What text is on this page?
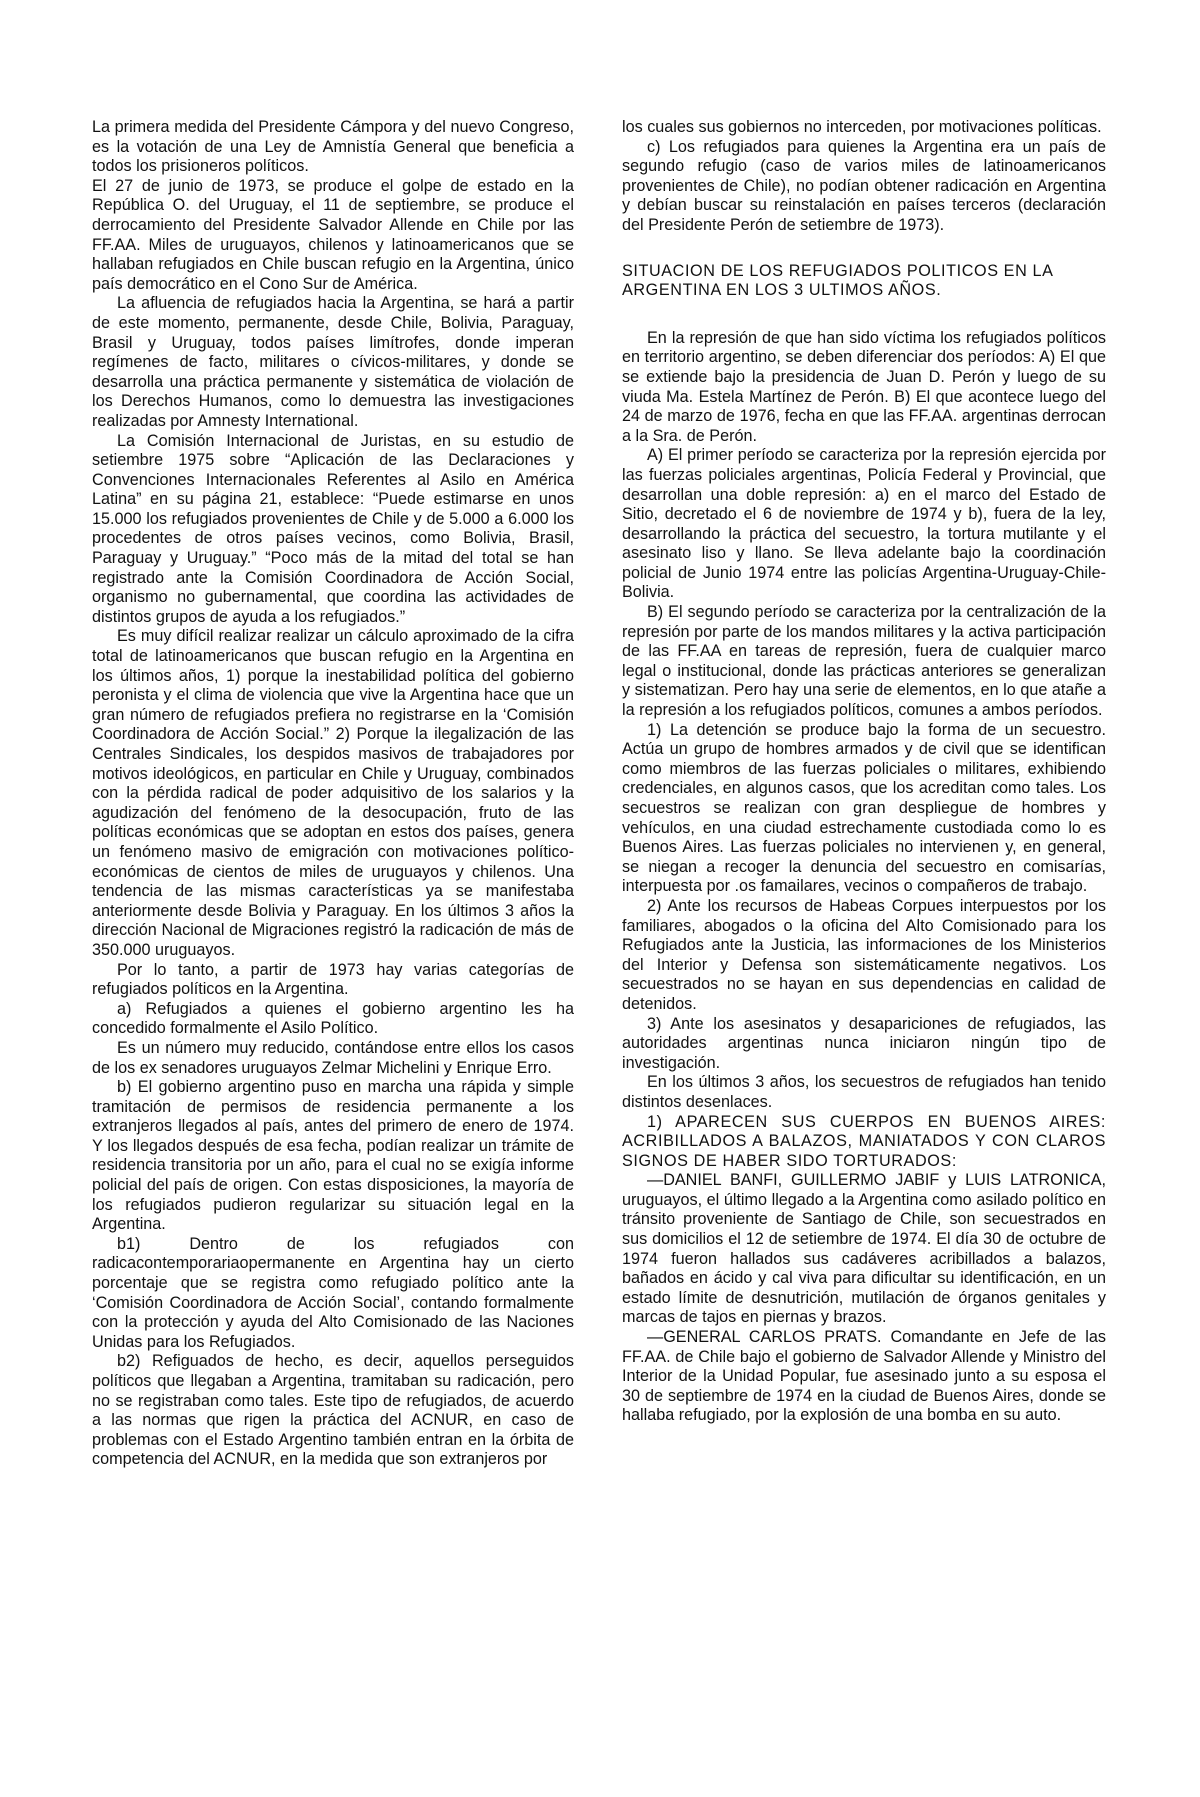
La primera medida del Presidente Cámpora y del nuevo Congreso, es la votación de una Ley de Amnistía General que beneficia a todos los prisioneros políticos.

El 27 de junio de 1973, se produce el golpe de estado en la República O. del Uruguay, el 11 de septiembre, se produce el derrocamiento del Presidente Salvador Allende en Chile por las FF.AA. Miles de uruguayos, chilenos y latinoamericanos que se hallaban refugiados en Chile buscan refugio en la Argentina, único país democrático en el Cono Sur de América.

La afluencia de refugiados hacia la Argentina, se hará a partir de este momento, permanente, desde Chile, Bolivia, Paraguay, Brasil y Uruguay, todos países limítrofes, donde imperan regímenes de facto, militares o cívicos-militares, y donde se desarrolla una práctica permanente y sistemática de violación de los Derechos Humanos, como lo demuestra las investigaciones realizadas por Amnesty International.

La Comisión Internacional de Juristas, en su estudio de setiembre 1975 sobre “Aplicación de las Declaraciones y Convenciones Internacionales Referentes al Asilo en América Latina” en su página 21, establece: “Puede estimarse en unos 15.000 los refugiados provenientes de Chile y de 5.000 a 6.000 los procedentes de otros países vecinos, como Bolivia, Brasil, Paraguay y Uruguay.” “Poco más de la mitad del total se han registrado ante la Comisión Coordinadora de Acción Social, organismo no gubernamental, que coordina las actividades de distintos grupos de ayuda a los refugiados.”

Es muy difícil realizar realizar un cálculo aproximado de la cifra total de latinoamericanos que buscan refugio en la Argentina en los últimos años, 1) porque la inestabilidad política del gobierno peronista y el clima de violencia que vive la Argentina hace que un gran número de refugiados prefiera no registrarse en la ‘Comisión Coordinadora de Acción Social.” 2) Porque la ilegalización de las Centrales Sindicales, los despidos masivos de trabajadores por motivos ideológicos, en particular en Chile y Uruguay, combinados con la pérdida radical de poder adquisitivo de los salarios y la agudización del fenómeno de la desocupación, fruto de las políticas económicas que se adoptan en estos dos países, genera un fenómeno masivo de emigración con motivaciones político-económicas de cientos de miles de uruguayos y chilenos. Una tendencia de las mismas características ya se manifestaba anteriormente desde Bolivia y Paraguay. En los últimos 3 años la dirección Nacional de Migraciones registró la radicación de más de 350.000 uruguayos.

Por lo tanto, a partir de 1973 hay varias categorías de refugiados políticos en la Argentina.

a) Refugiados a quienes el gobierno argentino les ha concedido formalmente el Asilo Político.

Es un número muy reducido, contándose entre ellos los casos de los ex senadores uruguayos Zelmar Michelini y Enrique Erro.

b) El gobierno argentino puso en marcha una rápida y simple tramitación de permisos de residencia permanente a los extranjeros llegados al país, antes del primero de enero de 1974. Y los llegados después de esa fecha, podían realizar un trámite de residencia transitoria por un año, para el cual no se exigía informe policial del país de origen. Con estas disposiciones, la mayoría de los refugiados pudieron regularizar su situación legal en la Argentina.

b1) Dentro de los refugiados con radicacontemporariaopermanente en Argentina hay un cierto porcentaje que se registra como refugiado político ante la ‘Comisión Coordinadora de Acción Social’, contando formalmente con la protección y ayuda del Alto Comisionado de las Naciones Unidas para los Refugiados.

b2) Refiguados de hecho, es decir, aquellos perseguidos políticos que llegaban a Argentina, tramitaban su radicación, pero no se registraban como tales. Este tipo de refugiados, de acuerdo a las normas que rigen la práctica del ACNUR, en caso de problemas con el Estado Argentino también entran en la órbita de competencia del ACNUR, en la medida que son extranjeros por

los cuales sus gobiernos no interceden, por motivaciones políticas.

c) Los refugiados para quienes la Argentina era un país de segundo refugio (caso de varios miles de latinoamericanos provenientes de Chile), no podían obtener radicación en Argentina y debían buscar su reinstalación en países terceros (declaración del Presidente Perón de setiembre de 1973).

SITUACION DE LOS REFUGIADOS POLITICOS EN LA ARGENTINA EN LOS 3 ULTIMOS AÑOS.

En la represión de que han sido víctima los refugiados políticos en territorio argentino, se deben diferenciar dos períodos: A) El que se extiende bajo la presidencia de Juan D. Perón y luego de su viuda Ma. Estela Martínez de Perón. B) El que acontece luego del 24 de marzo de 1976, fecha en que las FF.AA. argentinas derrocan a la Sra. de Perón.

A) El primer período se caracteriza por la represión ejercida por las fuerzas policiales argentinas, Policía Federal y Provincial, que desarrollan una doble represión: a) en el marco del Estado de Sitio, decretado el 6 de noviembre de 1974 y b), fuera de la ley, desarrollando la práctica del secuestro, la tortura mutilante y el asesinato liso y llano. Se lleva adelante bajo la coordinación policial de Junio 1974 entre las policías Argentina-Uruguay-Chile-Bolivia.

B) El segundo período se caracteriza por la centralización de la represión por parte de los mandos militares y la activa participación de las FF.AA en tareas de represión, fuera de cualquier marco legal o institucional, donde las prácticas anteriores se generalizan y sistematizan. Pero hay una serie de elementos, en lo que atañe a la represión a los refugiados políticos, comunes a ambos períodos.

1) La detención se produce bajo la forma de un secuestro. Actúa un grupo de hombres armados y de civil que se identifican como miembros de las fuerzas policiales o militares, exhibiendo credenciales, en algunos casos, que los acreditan como tales. Los secuestros se realizan con gran despliegue de hombres y vehículos, en una ciudad estrechamente custodiada como lo es Buenos Aires. Las fuerzas policiales no intervienen y, en general, se niegan a recoger la denuncia del secuestro en comisarías, interpuesta por .os famailares, vecinos o compañeros de trabajo.

2) Ante los recursos de Habeas Corpues interpuestos por los familiares, abogados o la oficina del Alto Comisionado para los Refugiados ante la Justicia, las informaciones de los Ministerios del Interior y Defensa son sistemáticamente negativos. Los secuestrados no se hayan en sus dependencias en calidad de detenidos.

3) Ante los asesinatos y desapariciones de refugiados, las autoridades argentinas nunca iniciaron ningún tipo de investigación.

En los últimos 3 años, los secuestros de refugiados han tenido distintos desenlaces.

1) APARECEN SUS CUERPOS EN BUENOS AIRES: ACRIBILLADOS A BALAZOS, MANIATADOS Y CON CLAROS SIGNOS DE HABER SIDO TORTURADOS:

—DANIEL BANFI, GUILLERMO JABIF y LUIS LATRONICA, uruguayos, el último llegado a la Argentina como asilado político en tránsito proveniente de Santiago de Chile, son secuestrados en sus domicilios el 12 de setiembre de 1974. El día 30 de octubre de 1974 fueron hallados sus cadáveres acribillados a balazos, bañados en ácido y cal viva para dificultar su identificación, en un estado límite de desnutrición, mutilación de órganos genitales y marcas de tajos en piernas y brazos.

—GENERAL CARLOS PRATS. Comandante en Jefe de las FF.AA. de Chile bajo el gobierno de Salvador Allende y Ministro del Interior de la Unidad Popular, fue asesinado junto a su esposa el 30 de septiembre de 1974 en la ciudad de Buenos Aires, donde se hallaba refugiado, por la explosión de una bomba en su auto.
